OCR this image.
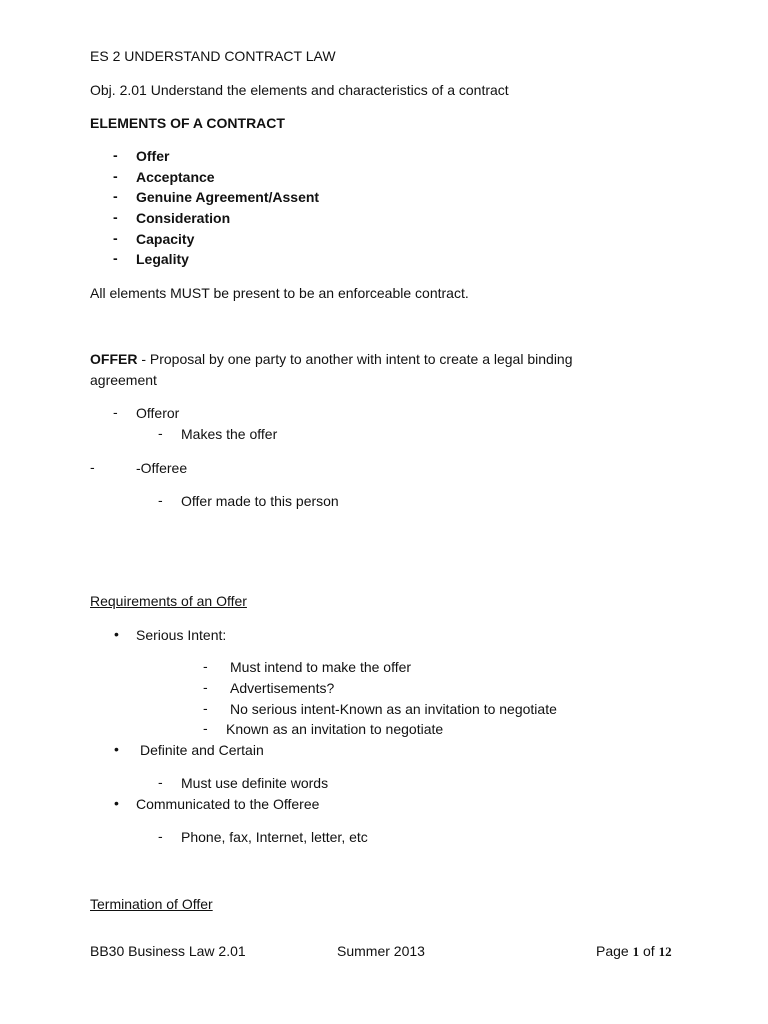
ES 2 UNDERSTAND CONTRACT LAW
Obj. 2.01 Understand the elements and characteristics of a contract
ELEMENTS OF A CONTRACT
- Offer
- Acceptance
- Genuine Agreement/Assent
- Consideration
- Capacity
- Legality
All elements MUST be present to be an enforceable contract.
OFFER - Proposal by one party to another with intent to create a legal binding
agreement
- Offeror
- Makes the offer
-	-Offeree
- Offer made to this person
Requirements of an Offer
• Serious Intent:
- Must intend to make the offer
- Advertisements?
- No serious intent-Known as an invitation to negotiate
- Known as an invitation to negotiate
• Definite and Certain
- Must use definite words
• Communicated to the Offeree
- Phone, fax, Internet, letter, etc
Termination of Offer
BB30 Business Law 2.01	Summer 2013	Page 1 of 12
